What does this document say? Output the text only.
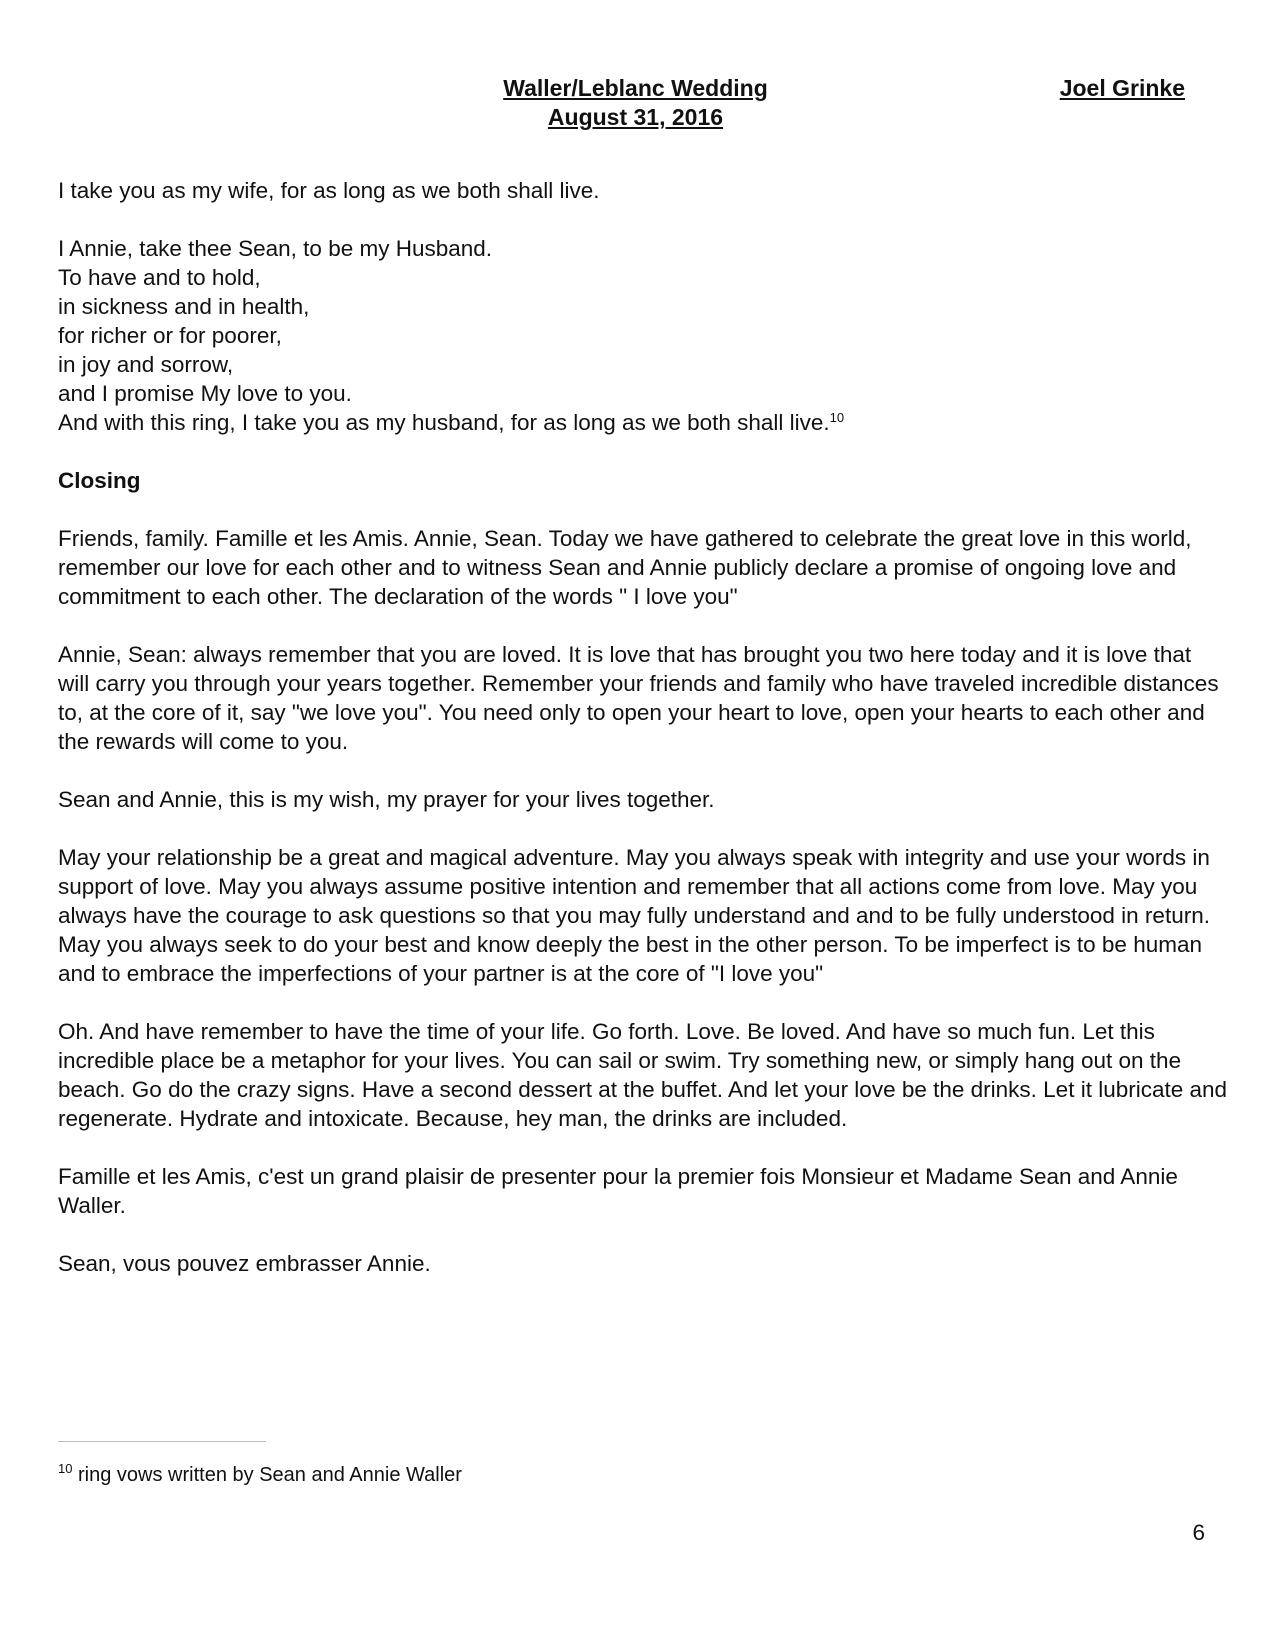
Waller/Leblanc Wedding
August 31, 2016
Joel Grinke

I take you as my wife, for as long as we both shall live.

I Annie, take thee Sean, to be my Husband.
To have and to hold,
in sickness and in health,
for richer or for poorer,
in joy and sorrow,
and I promise My love to you.
And with this ring, I take you as my husband, for as long as we both shall live.$^{10}$

Closing

Friends, family. Famille et les Amis. Annie, Sean. Today we have gathered to celebrate the great love in this world, remember our love for each other and to witness Sean and Annie publicly declare a promise of ongoing love and commitment to each other. The declaration of the words " I love you"

Annie, Sean: always remember that you are loved. It is love that has brought you two here today and it is love that will carry you through your years together. Remember your friends and family who have traveled incredible distances to, at the core of it, say "we love you". You need only to open your heart to love, open your hearts to each other and the rewards will come to you.

Sean and Annie, this is my wish, my prayer for your lives together.

May your relationship be a great and magical adventure. May you always speak with integrity and use your words in support of love. May you always assume positive intention and remember that all actions come from love. May you always have the courage to ask questions so that you may fully understand and and to be fully understood in return. May you always seek to do your best and know deeply the best in the other person. To be imperfect is to be human and to embrace the imperfections of your partner is at the core of "I love you"

Oh. And have remember to have the time of your life. Go forth. Love. Be loved. And have so much fun. Let this incredible place be a metaphor for your lives. You can sail or swim. Try something new, or simply hang out on the beach. Go do the crazy signs. Have a second dessert at the buffet. And let your love be the drinks. Let it lubricate and regenerate. Hydrate and intoxicate. Because, hey man, the drinks are included.

Famille et les Amis, c'est un grand plaisir de presenter pour la premier fois Monsieur et Madame Sean and Annie Waller.

Sean, vous pouvez embrasser Annie.

$^{10}$ ring vows written by Sean and Annie Waller
6
